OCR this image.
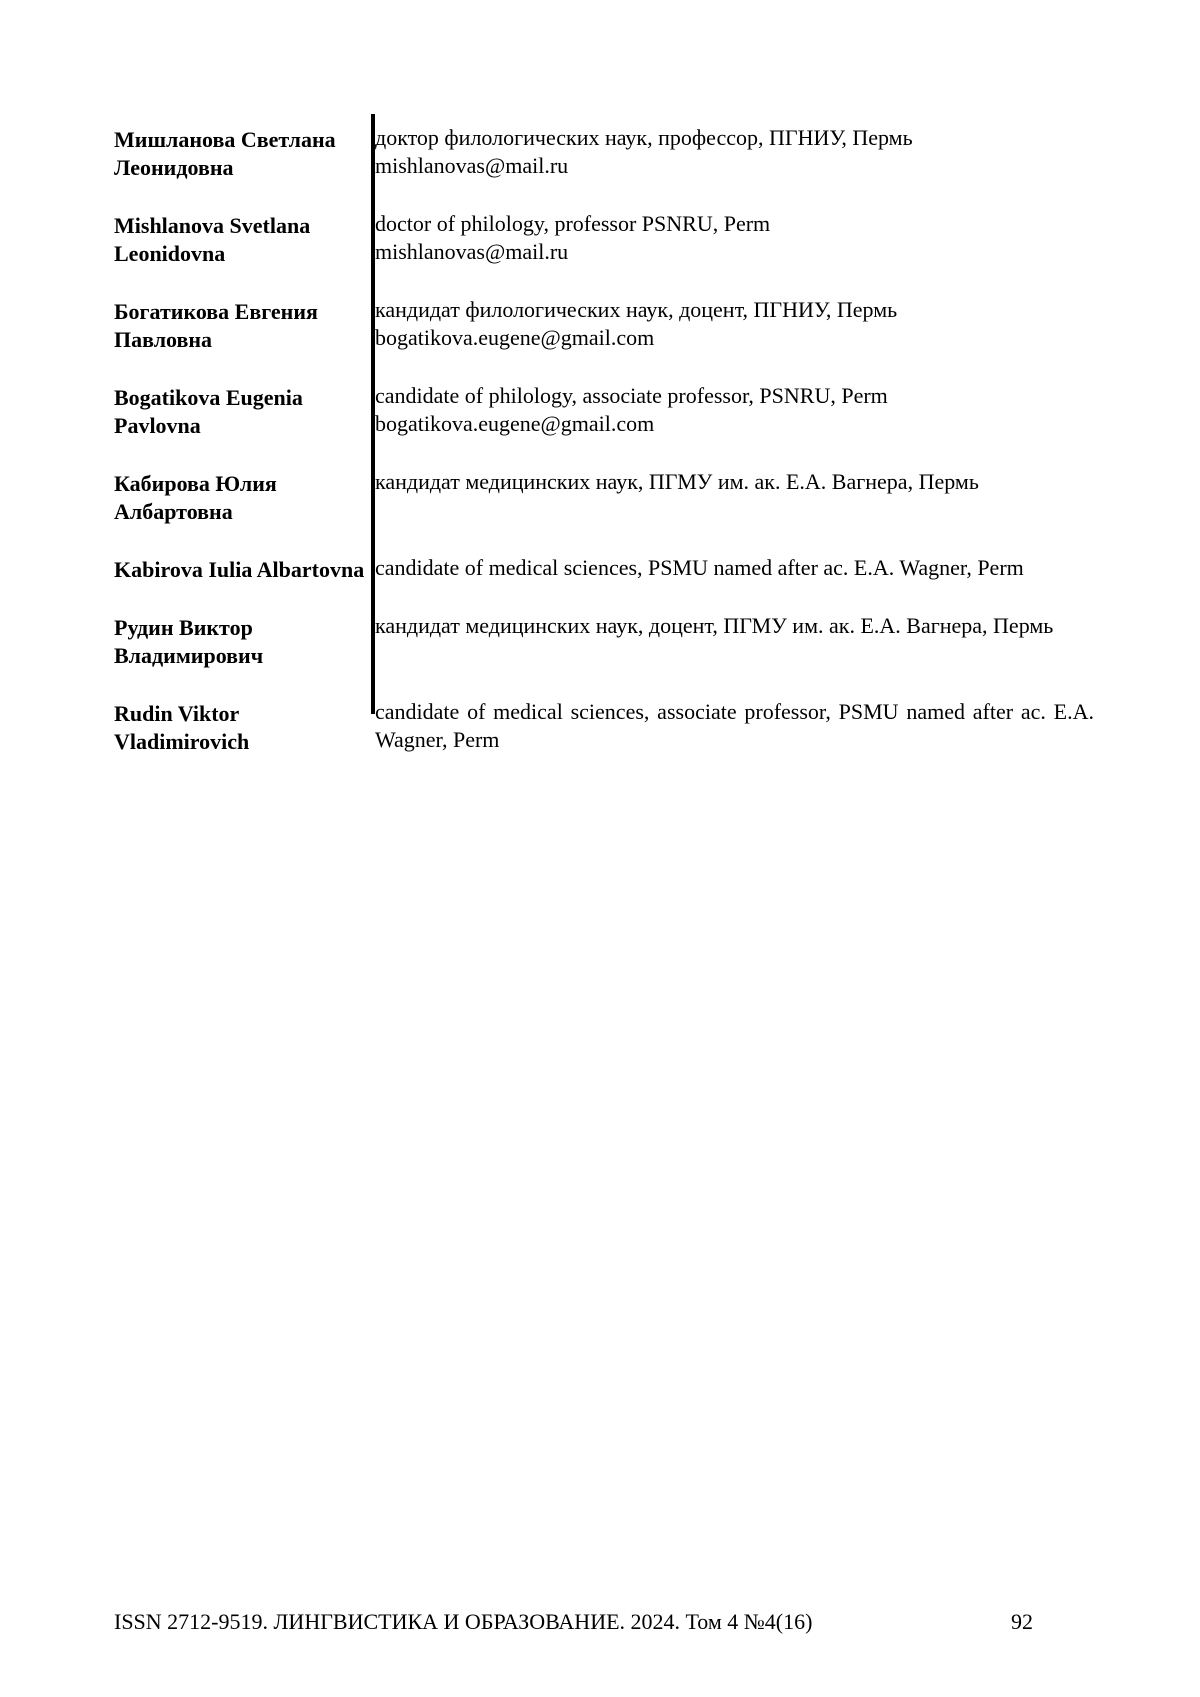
Мишланова Светлана Леонидовна
доктор филологических наук, профессор, ПГНИУ, Пермь
mishlanovas@mail.ru
Mishlanova Svetlana Leonidovna
doctor of philology, professor PSNRU, Perm
mishlanovas@mail.ru
Богатикова Евгения Павловна
кандидат филологических наук, доцент, ПГНИУ, Пермь
bogatikova.eugene@gmail.com
Bogatikova Eugenia Pavlovna
candidate of philology, associate professor, PSNRU, Perm
bogatikova.eugene@gmail.com
Кабирова Юлия Албартовна
кандидат медицинских наук, ПГМУ им. ак. Е.А. Вагнера, Пермь
Kabirova Iulia Albartovna candidate of medical sciences, PSMU named after ac. E.A. Wagner, Perm
Рудин Виктор Владимирович
кандидат медицинских наук, доцент, ПГМУ им. ак. Е.А. Вагнера, Пермь
Rudin Viktor Vladimirovich
candidate of medical sciences, associate professor, PSMU named after ac. E.A. Wagner, Perm
ISSN 2712-9519. ЛИНГВИСТИКА И ОБРАЗОВАНИЕ. 2024. Том 4 №4(16)	92
